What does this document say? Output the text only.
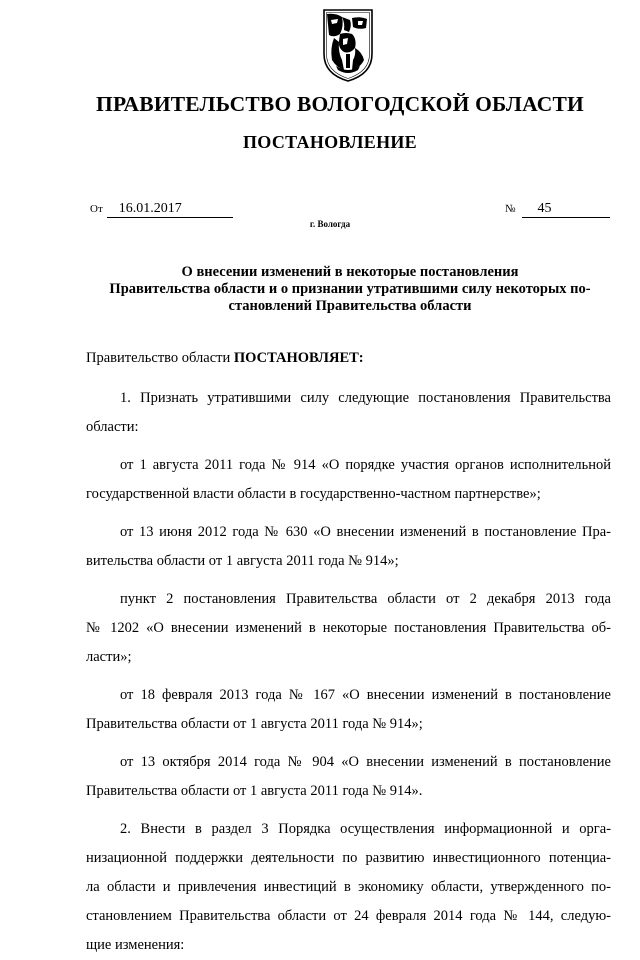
ПРАВИТЕЛЬСТВО ВОЛОГОДСКОЙ ОБЛАСТИ
ПОСТАНОВЛЕНИЕ
От 16.01.2017	№ 45
г. Вологда
О внесении изменений в некоторые постановления
Правительства области и о признании утратившими силу некоторых по-
становлений Правительства области

Правительство области ПОСТАНОВЛЯЕТ:

1. Признать утратившими силу следующие постановления Правительства
области:

от 1 августа 2011 года № 914 «О порядке участия органов исполнительной
государственной власти области в государственно-частном партнерстве»;

от 13 июня 2012 года № 630 «О внесении изменений в постановление Пра-
вительства области от 1 августа 2011 года № 914»;

пункт 2 постановления Правительства области от 2 декабря 2013 года
№ 1202 «О внесении изменений в некоторые постановления Правительства об-
ласти»;

от 18 февраля 2013 года № 167 «О внесении изменений в постановление
Правительства области от 1 августа 2011 года № 914»;

от 13 октября 2014 года № 904 «О внесении изменений в постановление
Правительства области от 1 августа 2011 года № 914».

2. Внести в раздел 3 Порядка осуществления информационной и орга-
низационной поддержки деятельности по развитию инвестиционного потенциа-
ла области и привлечения инвестиций в экономику области, утвержденного по-
становлением Правительства области от 24 февраля 2014 года № 144, следую-
щие изменения:
